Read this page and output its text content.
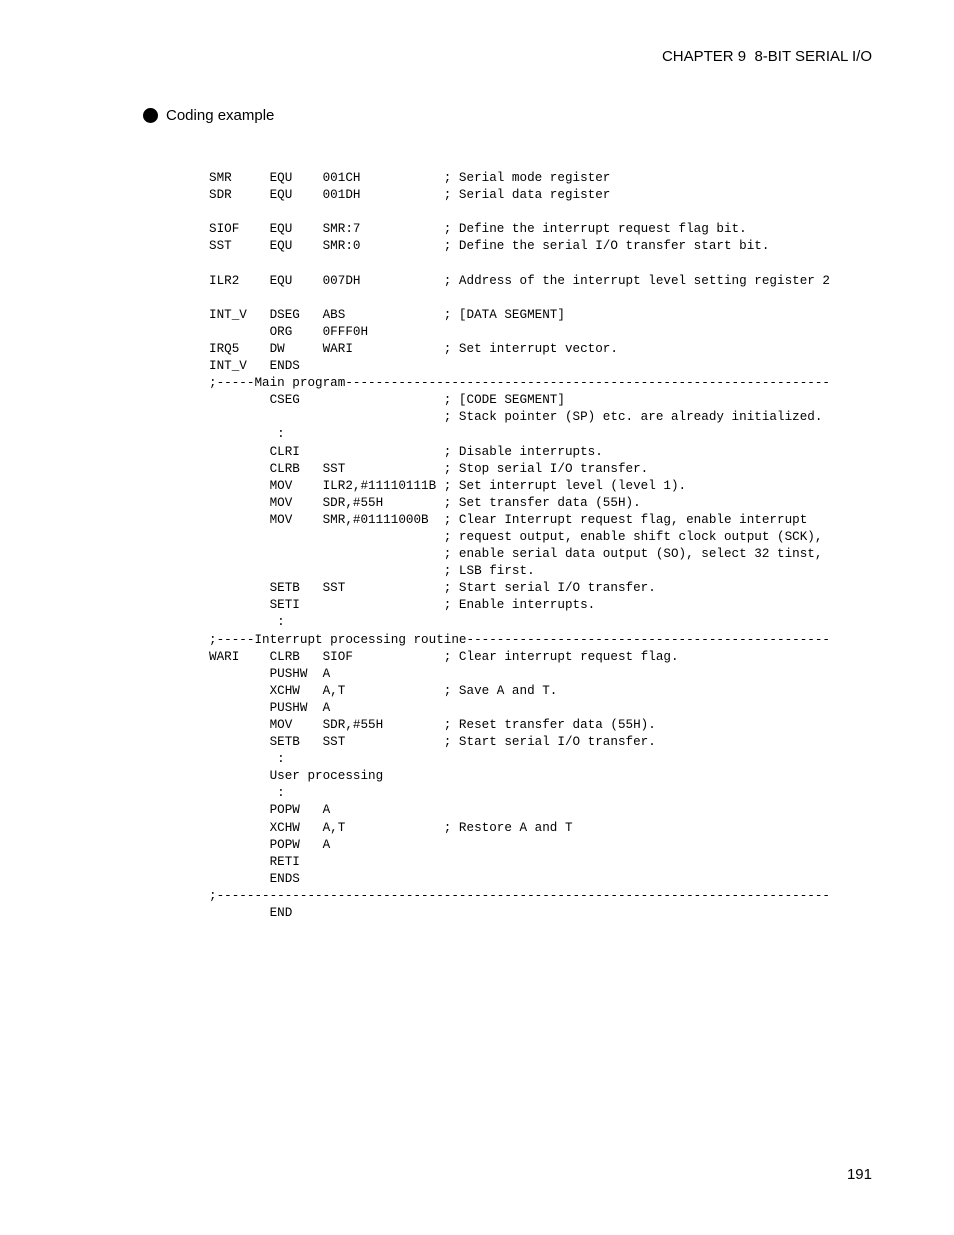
CHAPTER 9  8-BIT SERIAL I/O
Coding example
SMR     EQU    001CH           ; Serial mode register
SDR     EQU    001DH           ; Serial data register

SIOF    EQU    SMR:7           ; Define the interrupt request flag bit.
SST     EQU    SMR:0           ; Define the serial I/O transfer start bit.

ILR2    EQU    007DH           ; Address of the interrupt level setting register 2

INT_V   DSEG   ABS             ; [DATA SEGMENT]
ORG    0FFF0H
IRQ5    DW     WARI            ; Set interrupt vector.
INT_V   ENDS
;-----Main program----------------------------------------------------------------
CSEG                   ; [CODE SEGMENT]
; Stack pointer (SP) etc. are already initialized.
:
CLRI                   ; Disable interrupts.
CLRB   SST             ; Stop serial I/O transfer.
MOV    ILR2,#11110111B ; Set interrupt level (level 1).
MOV    SDR,#55H        ; Set transfer data (55H).
MOV    SMR,#01111000B  ; Clear Interrupt request flag, enable interrupt
; request output, enable shift clock output (SCK),
; enable serial data output (SO), select 32 tinst,
; LSB first.
SETB   SST             ; Start serial I/O transfer.
SETI                   ; Enable interrupts.
:
;-----Interrupt processing routine------------------------------------------------
WARI    CLRB   SIOF            ; Clear interrupt request flag.
PUSHW  A
XCHW   A,T             ; Save A and T.
PUSHW  A
MOV    SDR,#55H        ; Reset transfer data (55H).
SETB   SST             ; Start serial I/O transfer.
:
User processing
:
POPW   A
XCHW   A,T             ; Restore A and T
POPW   A
RETI
ENDS
;---------------------------------------------------------------------------------
END
191
